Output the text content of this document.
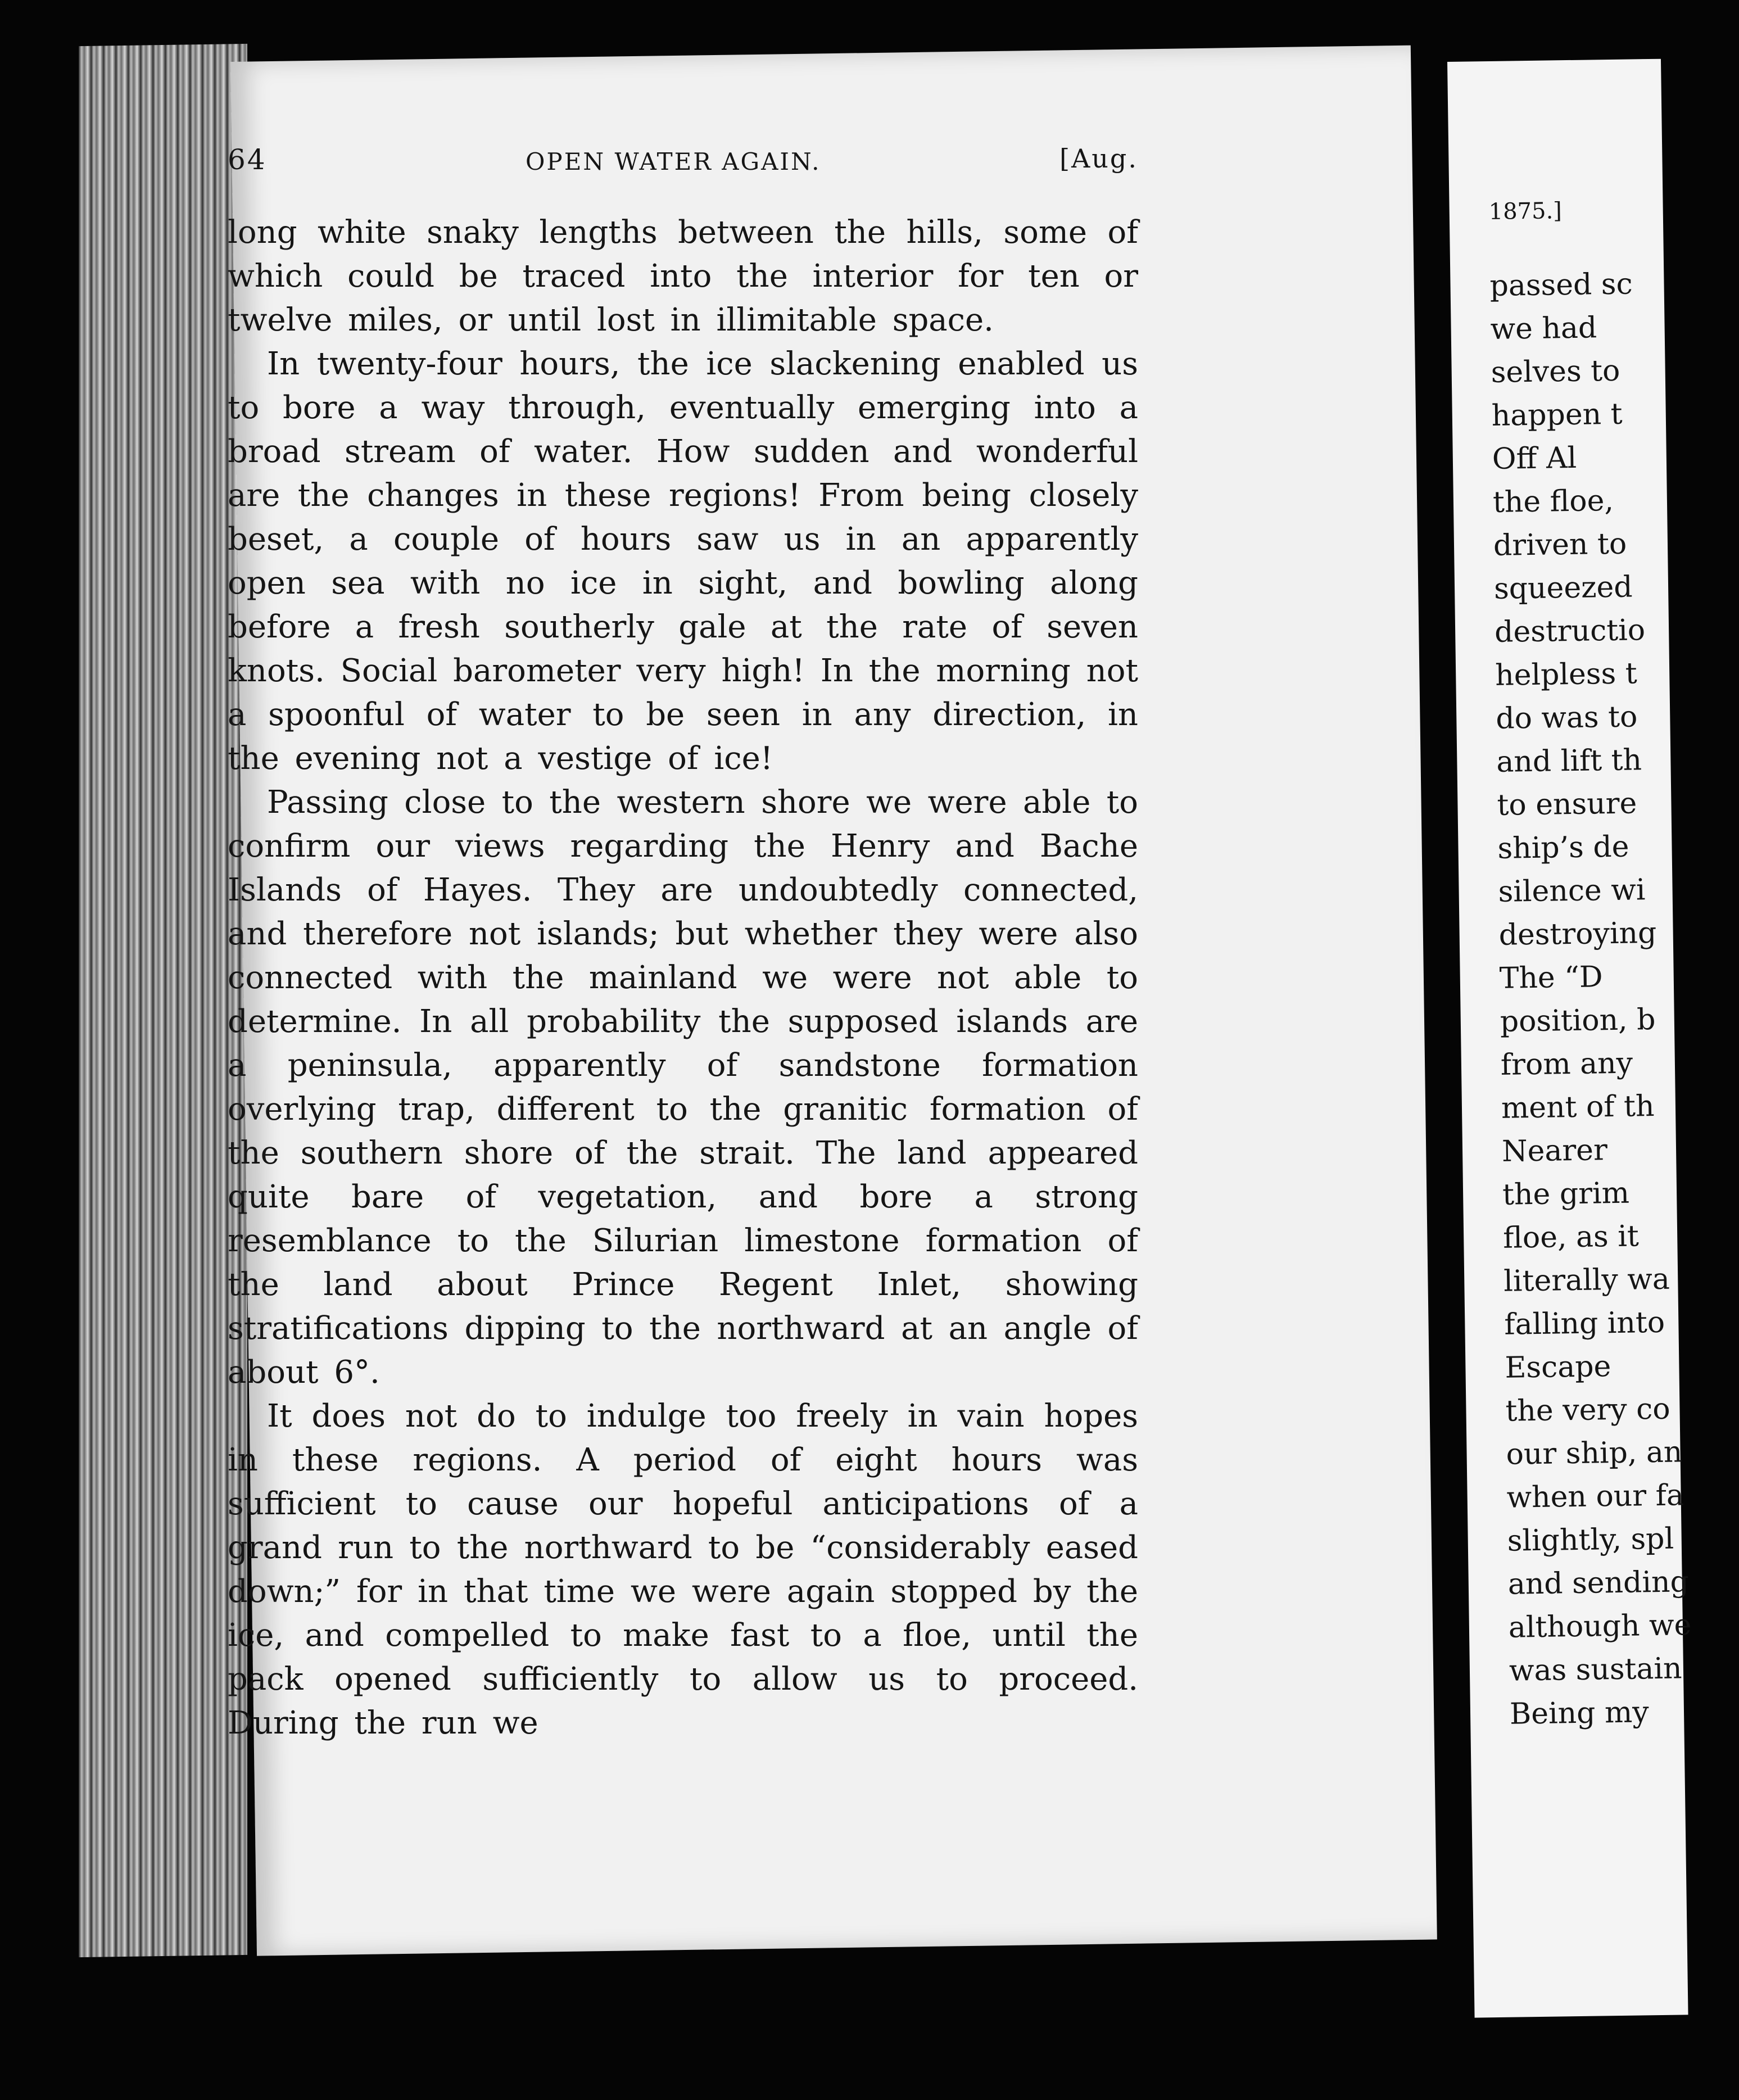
1875.]
passed sc
we had
selves to
happen t
Off Al
the floe,
driven to
squeezed
destructio
helpless t
do was to
and lift th
to ensure
ship’s de
silence wi
destroying
The “D
position, b
from any
ment of th
Nearer
the grim
floe, as it
literally wa
falling into
Escape
the very co
our ship, an
when our fa
slightly, spl
and sending
although we
was sustain
Being my
64	OPEN WATER AGAIN.	[Aug.

long white snaky lengths between the hills, some of which could be traced into the interior for ten or twelve miles, or until lost in illimitable space.

In twenty-four hours, the ice slackening enabled us to bore a way through, eventually emerging into a broad stream of water. How sudden and wonderful are the changes in these regions! From being closely beset, a couple of hours saw us in an apparently open sea with no ice in sight, and bowling along before a fresh southerly gale at the rate of seven knots. Social barometer very high! In the morning not a spoonful of water to be seen in any direction, in the evening not a vestige of ice!

Passing close to the western shore we were able to confirm our views regarding the Henry and Bache Islands of Hayes. They are undoubtedly connected, and therefore not islands; but whether they were also connected with the mainland we were not able to determine. In all probability the supposed islands are a peninsula, apparently of sandstone formation overlying trap, different to the granitic formation of the southern shore of the strait. The land appeared quite bare of vegetation, and bore a strong resemblance to the Silurian limestone formation of the land about Prince Regent Inlet, showing stratifications dipping to the northward at an angle of about 6°.

It does not do to indulge too freely in vain hopes in these regions. A period of eight hours was sufficient to cause our hopeful anticipations of a grand run to the northward to be “considerably eased down;” for in that time we were again stopped by the ice, and compelled to make fast to a floe, until the pack opened sufficiently to allow us to proceed. During the run we
